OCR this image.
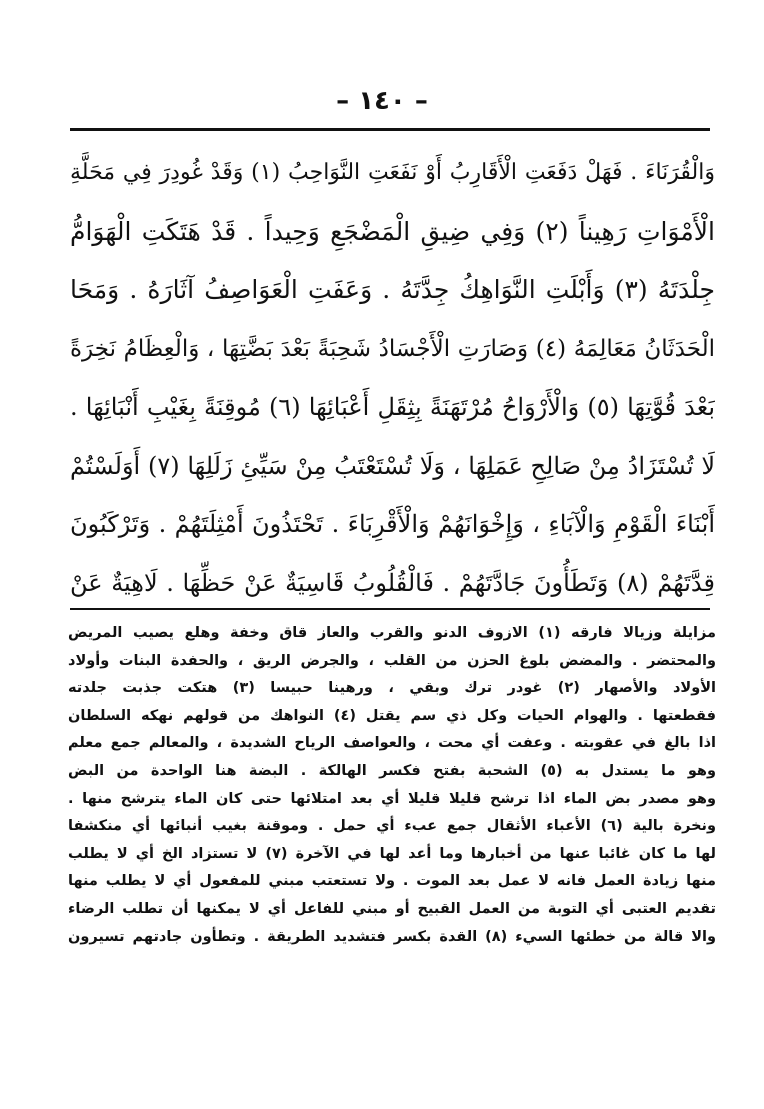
– ١٤٠ –
وَالْقُرَنَاءَ . فَهَلْ دَفَعَتِ الْأَقَارِبُ أَوْ نَفَعَتِ النَّوَاحِبُ (١) وَقَدْ غُودِرَ فِي مَحَلَّةِ
الْأَمْوَاتِ رَهِيناً (٢) وَفِي ضِيقِ الْمَضْجَعِ وَحِيداً . قَدْ هَتَكَتِ الْهَوَامُّ
جِلْدَتَهُ (٣) وَأَبْلَتِ النَّوَاهِكُ جِدَّتَهُ . وَعَفَتِ الْعَوَاصِفُ آثَارَهُ . وَمَحَا
الْحَدَثَانُ مَعَالِمَهُ (٤) وَصَارَتِ الْأَجْسَادُ شَحِبَةً بَعْدَ بَضَّتِهَا ، وَالْعِظَامُ نَخِرَةً
بَعْدَ قُوَّتِهَا (٥) وَالْأَرْوَاحُ مُرْتَهَنَةً بِثِقَلِ أَعْبَائِهَا (٦) مُوقِنَةً بِغَيْبِ أَنْبَائِهَا .
لَا تُسْتَزَادُ مِنْ صَالِحِ عَمَلِهَا ، وَلَا تُسْتَعْتَبُ مِنْ سَيِّئِ زَلَلِهَا (٧) أَوَلَسْتُمْ
أَبْنَاءَ الْقَوْمِ وَالْآبَاءِ ، وَإِخْوَانَهُمْ وَالْأَقْرِبَاءَ . تَحْتَذُونَ أَمْثِلَتَهُمْ . وَتَرْكَبُونَ
قِدَّتَهُمْ (٨) وَتَطَأُونَ جَادَّتَهُمْ . فَالْقُلُوبُ قَاسِيَةٌ عَنْ حَظِّهَا . لَاهِيَةٌ عَنْ
مزايلة وزيالا فارقه (١) الازوف الدنو والقرب والعاز قاق وخفة وهلع يصيب المريض
والمحتضر . والمضض بلوغ الحزن من القلب ، والجرض الريق ، والحفدة البنات وأولاد
الأولاد والأصهار (٢) غودر ترك وبقي ، ورهينا حبيسا (٣) هتكت جذبت جلدته
فقطعتها . والهوام الحيات وكل ذي سم يقتل (٤) النواهك من قولهم نهكه السلطان
اذا بالغ في عقوبته . وعفت أي محت ، والعواصف الرياح الشديدة ، والمعالم جمع معلم
وهو ما يستدل به (٥) الشحبة بفتح فكسر الهالكة . البضة هنا الواحدة من البض
وهو مصدر بض الماء اذا ترشح قليلا قليلا أي بعد امتلائها حتى كان الماء يترشح منها .
ونخرة بالية (٦) الأعباء الأثقال جمع عبء أي حمل . وموقنة بغيب أنبائها أي منكشفا
لها ما كان غائبا عنها من أخبارها وما أعد لها في الآخرة (٧) لا تستزاد الخ أي لا يطلب
منها زيادة العمل فانه لا عمل بعد الموت . ولا تستعتب مبني للمفعول أي لا يطلب منها
تقديم العتبى أي التوبة من العمل القبيح أو مبني للفاعل أي لا يمكنها أن تطلب الرضاء
والا قالة من خطئها السيء (٨) القدة بكسر فتشديد الطريقة . وتطأون جادتهم تسيرون
